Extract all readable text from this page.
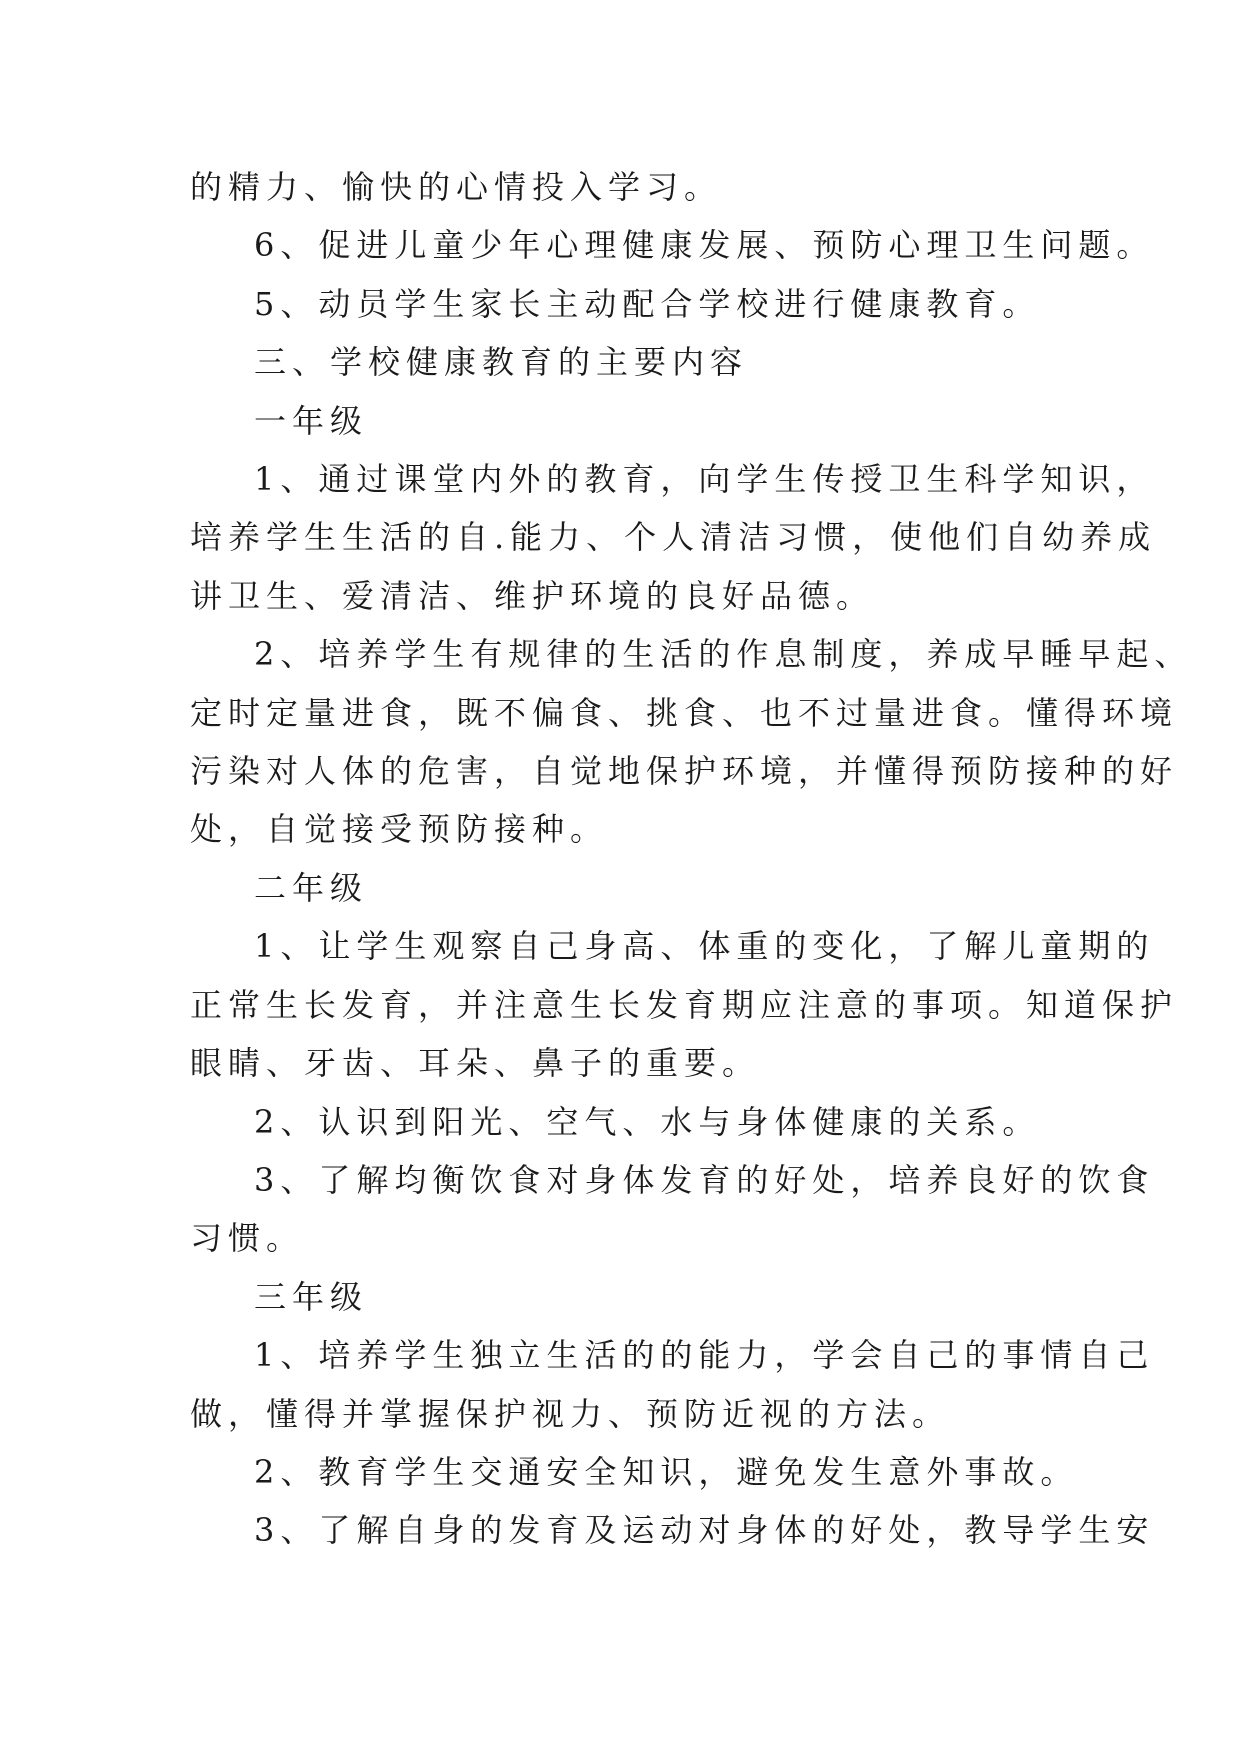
的精力、愉快的心情投入学习。

6、促进儿童少年心理健康发展、预防心理卫生问题。

5、动员学生家长主动配合学校进行健康教育。

三、学校健康教育的主要内容

一年级

1、通过课堂内外的教育，向学生传授卫生科学知识，

培养学生生活的自.能力、个人清洁习惯，使他们自幼养成

讲卫生、爱清洁、维护环境的良好品德。

2、培养学生有规律的生活的作息制度，养成早睡早起、

定时定量进食，既不偏食、挑食、也不过量进食。懂得环境

污染对人体的危害，自觉地保护环境，并懂得预防接种的好

处，自觉接受预防接种。

二年级

1、让学生观察自己身高、体重的变化，了解儿童期的

正常生长发育，并注意生长发育期应注意的事项。知道保护

眼睛、牙齿、耳朵、鼻子的重要。

2、认识到阳光、空气、水与身体健康的关系。

3、了解均衡饮食对身体发育的好处，培养良好的饮食

习惯。

三年级

1、培养学生独立生活的的能力，学会自己的事情自己

做，懂得并掌握保护视力、预防近视的方法。

2、教育学生交通安全知识，避免发生意外事故。

3、了解自身的发育及运动对身体的好处，教导学生安
